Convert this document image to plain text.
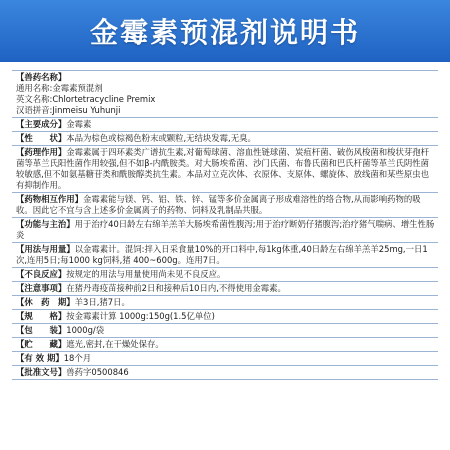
金霉素预混剂说明书
【兽药名称】
通用名称:金霉素预混剂
英文名称:Chlortetracycline Premix
汉语拼音:Jinmeisu Yuhunji
【主要成分】金霉素
【性　　状】本品为棕色或棕褐色粉末或颗粒,无结块发霉,无臭。
【药理作用】金霉素属于四环素类广谱抗生素,对葡萄球菌、溶血性链球菌、炭疽杆菌、破伤风梭菌和梭状芽孢杆菌等革兰氏阳性菌作用较强,但不如β-内酰胺类。对大肠埃希菌、沙门氏菌、布鲁氏菌和巴氏杆菌等革兰氏阴性菌较敏感,但不如氨基糖苷类和酰胺醇类抗生素。本品对立克次体、衣原体、支原体、螺旋体、放线菌和某些原虫也有抑制作用。
【药物相互作用】金霉素能与镁、钙、铝、铁、锌、锰等多价金属离子形成难溶性的络合物,从而影响药物的吸收。因此它不宜与含上述多价金属离子的药物、饲料及乳制品共服。
【功能与主治】用于治疗40日龄左右绵羊羔羊大肠埃希菌性腹泻;用于治疗断奶仔猪腹泻;治疗猪气喘病、增生性肠炎
【用法与用量】以金霉素计。混饲:拌入日采食量10%的开口料中,每1kg体重,40日龄左右绵羊羔羊25mg,一日1次,连用5日;每1000 kg饲料,猪 400~600g。连用7日。
【不良反应】按规定的用法与用量使用尚未见不良反应。
【注意事项】在猪丹毒疫苗接种前2日和接种后10日内,不得使用金霉素。
【休　药　期】羊3日,猪7日。
【规　　格】按金霉素计算 1000g:150g(1.5亿单位)
【包　　装】1000g/袋
【贮　　藏】遮光,密封,在干燥处保存。
【有 效 期】18个月
【批准文号】兽药字0500846
